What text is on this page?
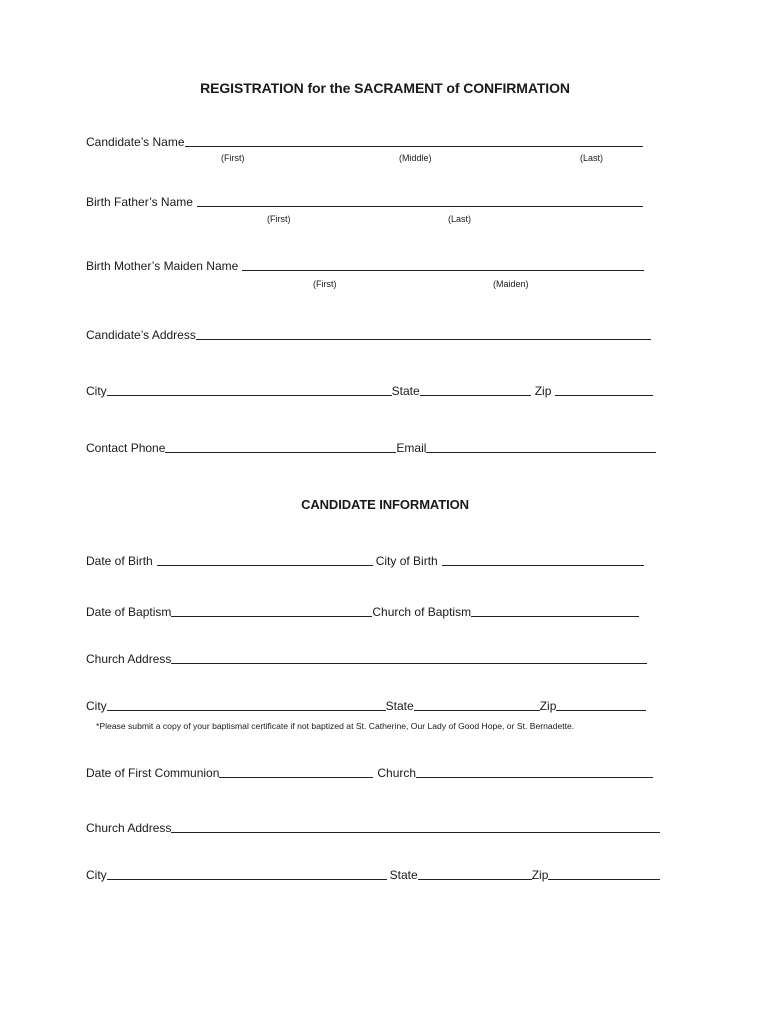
REGISTRATION for the SACRAMENT of CONFIRMATION
Candidate’s Name
(First)	(Middle)	(Last)
Birth Father’s Name
(First)	(Last)
Birth Mother’s Maiden Name
(First)	(Maiden)
Candidate’s Address
City	State	Zip
Contact Phone	Email
CANDIDATE INFORMATION
Date of Birth	City of Birth
Date of Baptism	Church of Baptism
Church Address
City	State	Zip
*Please submit a copy of your baptismal certificate if not baptized at St. Catherine, Our Lady of Good Hope, or St. Bernadette.
Date of First Communion	Church
Church Address
City	State	Zip
